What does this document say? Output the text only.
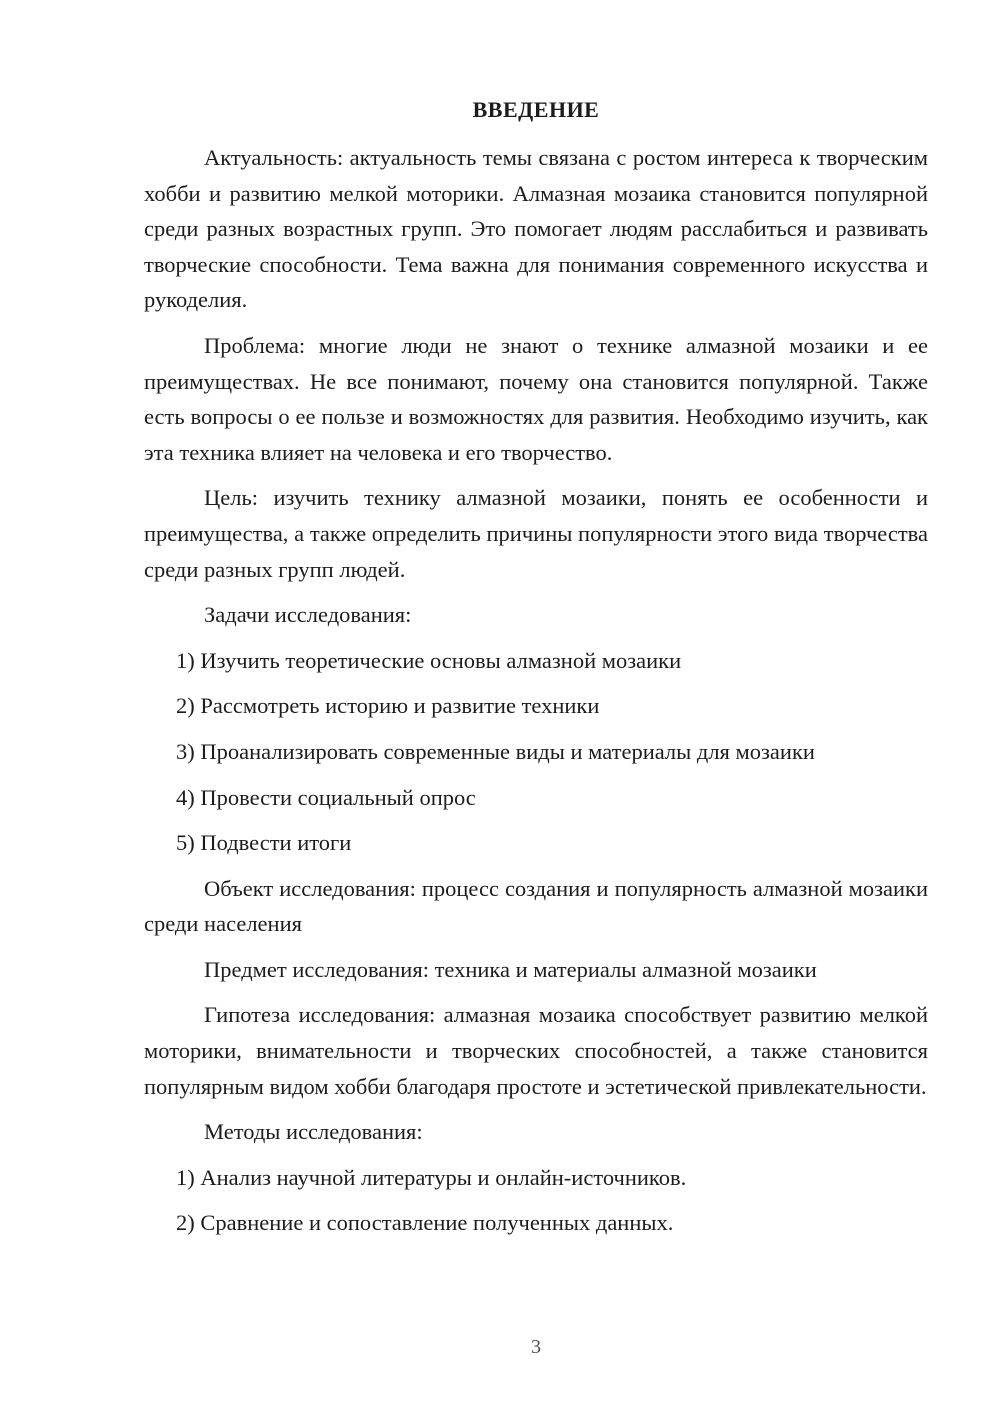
ВВЕДЕНИЕ

Актуальность: актуальность темы связана с ростом интереса к творческим хобби и развитию мелкой моторики. Алмазная мозаика становится популярной среди разных возрастных групп. Это помогает людям расслабиться и развивать творческие способности. Тема важна для понимания современного искусства и рукоделия.

Проблема: многие люди не знают о технике алмазной мозаики и ее преимуществах. Не все понимают, почему она становится популярной. Также есть вопросы о ее пользе и возможностях для развития. Необходимо изучить, как эта техника влияет на человека и его творчество.

Цель: изучить технику алмазной мозаики, понять ее особенности и преимущества, а также определить причины популярности этого вида творчества среди разных групп людей.

Задачи исследования:

1) Изучить теоретические основы алмазной мозаики
2) Рассмотреть историю и развитие техники
3) Проанализировать современные виды и материалы для мозаики
4) Провести социальный опрос
5) Подвести итоги

Объект исследования: процесс создания и популярность алмазной мозаики среди населения

Предмет исследования: техника и материалы алмазной мозаики

Гипотеза исследования: алмазная мозаика способствует развитию мелкой моторики, внимательности и творческих способностей, а также становится популярным видом хобби благодаря простоте и эстетической привлекательности.

Методы исследования:

1) Анализ научной литературы и онлайн-источников.
2) Сравнение и сопоставление полученных данных.
3
